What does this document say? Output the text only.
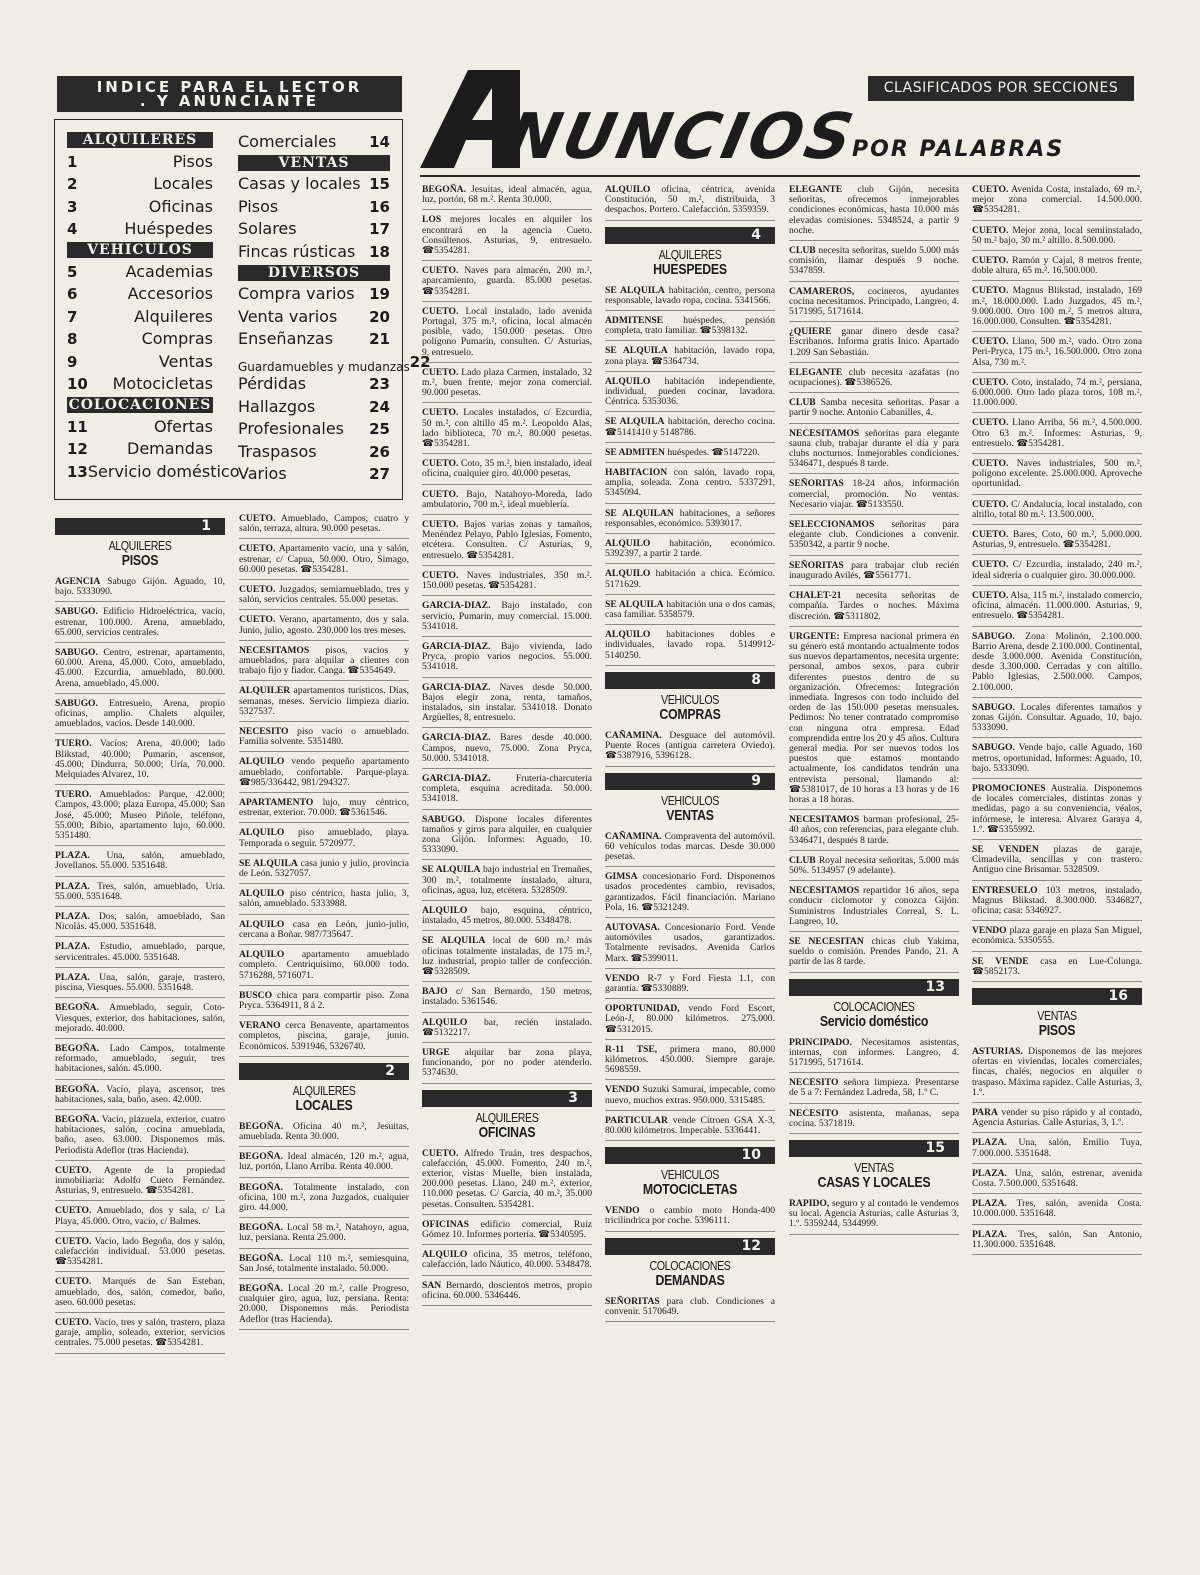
INDICE PARA EL LECTOR
. Y ANUNCIANTE
ALQUILERES
1	Pisos
2	Locales
3	Oficinas
4	Huéspedes
VEHICULOS
5	Academias
6	Accesorios
7	Alquileres
8	Compras
9	Ventas
10	Motocicletas
COLOCACIONES
11	Ofertas
12	Demandas
13 Servicio doméstico
Comerciales	14
VENTAS
Casas y locales 15
Pisos	16
Solares	17
Fincas rústicas 18
DIVERSOS
Compra varios 19
Venta varios	20
Enseñanzas	21
Guardamuebles y mudanzas 22
Pérdidas	23
Hallazgos	24
Profesionales	25
Traspasos	26
Varios	27
A
CLASIFICADOS POR SECCIONES
NUNCIOS
POR PALABRAS
1
ALQUILERES
PISOS
AGENCIA Sabugo Gijón. Aguado, 10, bajo. 5333090.
SABUGO. Edificio Hidroeléctrica, vacío, estrenar, 100.000. Arena, amueblado, 65.000, servicios centrales.
SABUGO. Centro, estrenar, apartamento, 60.000. Arena, 45.000. Coto, amueblado, 45.000. Ezcurdia, amueblado, 80.000. Arena, amueblado, 45.000.
SABUGO. Entresuelo, Arena, propio oficinas, amplio. Chalets alquiler, amueblados, vacíos. Desde 140.000.
TUERO. Vacíos: Arena, 40.000; lado Blikstad, 40.000; Pumarín, ascensor, 45.000; Dindurra, 50.000; Uría, 70.000. Melquiades Alvarez, 10.
TUERO. Amueblados: Parque, 42.000; Campos, 43.000; plaza Europa, 45.000; San José, 45.000; Museo Piñole, teléfono, 55.000; Bibio, apartamento lujo, 60.000. 5351480.
PLAZA. Una, salón, amueblado, Jovellanos. 55.000. 5351648.
PLAZA. Tres, salón, amueblado, Uría. 55.000. 5351648.
PLAZA. Dos, salón, amueblado, San Nicolás. 45.000. 5351648.
PLAZA. Estudio, amueblado, parque, servicentrales. 45.000. 5351648.
PLAZA. Una, salón, garaje, trastero, piscina, Viesques. 55.000. 5351648.
BEGOÑA. Amueblado, seguir, Coto-Viesques, exterior, dos habitaciones, salón, mejorado. 40.000.
BEGOÑA. Lado Campos, totalmente reformado, amueblado, seguir, tres habitaciones, salón. 45.000.
BEGOÑA. Vacío, playa, ascensor, tres habitaciones, sala, baño, aseo. 42.000.
BEGOÑA. Vacío, plazuela, exterior, cuatro habitaciones, salón, cocina amueblada, baño, aseo. 63.000. Disponemos más. Periodista Adeflor (tras Hacienda).
CUETO. Agente de la propiedad inmobiliaria: Adolfo Cueto Fernández. Asturias, 9, entresuelo. ☎5354281.
CUETO. Amueblado, dos y sala, c/ La Playa, 45.000. Otro, vacío, c/ Balmes.
CUETO. Vacío, lado Begoña, dos y salón, calefacción individual. 53.000 pesetas. ☎5354281.
CUETO. Marqués de San Esteban, amueblado, dos, salón, comedor, baño, aseo. 60.000 pesetas.
CUETO. Vacío, tres y salón, trastero, plaza garaje, amplio, soleado, exterior, servicios centrales. 75.000 pesetas. ☎5354281.
CUETO. Amueblado, Campos, cuatro y salón, terraza, altura. 90.000 pesetas.
CUETO. Apartamento vacío, una y salón, estrenar, c/ Capua, 50.000. Otro, Simago, 60.000 pesetas. ☎5354281.
CUETO. Juzgados, semiamueblado, tres y salón, servicios centrales. 55.000 pesetas.
CUETO. Verano, apartamento, dos y sala. Junio, julio, agosto. 230.000 los tres meses.
NECESITAMOS pisos, vacíos y amueblados, para alquilar a clientes con trabajo fijo y fiador. Canga. ☎5354649.
ALQUILER apartamentos turísticos. Días, semanas, meses. Servicio limpieza diario. 5327537.
NECESITO piso vacío o amueblado. Familia solvente. 5351480.
ALQUILO vendo pequeño apartamento amueblado, confortable. Parque-playa. ☎985/336442, 981/294327.
APARTAMENTO lujo, muy céntrico, estrenar, exterior. 70.000. ☎5361546.
ALQUILO piso amueblado, playa. Temporada o seguir. 5720977.
SE ALQUILA casa junio y julio, provincia de León. 5327057.
ALQUILO piso céntrico, hasta julio, 3, salón, amueblado. 5333988.
ALQUILO casa en León, junio-julio, cercana a Boñar. 987/735647.
ALQUILO apartamento amueblado completo. Centriquísimo, 60.000 todo. 5716288, 5716071.
BUSCO chica para compartir piso. Zona Pryca. 5364911, 8 á 2.
VERANO cerca Benavente, apartamentos completos, piscina, garaje, junio. Económicos. 5391946, 5326740.
2
ALQUILERES
LOCALES
BEGOÑA. Oficina 40 m.², Jesuitas, amueblada. Renta 30.000.
BEGOÑA. Ideal almacén, 120 m.², agua, luz, portón, Llano Arriba. Renta 40.000.
BEGOÑA. Totalmente instalado, con oficina, 100 m.², zona Juzgados, cualquier giro. 44.000.
BEGOÑA. Local 58 m.², Natahoyo, agua, luz, persiana. Renta 25.000.
BEGOÑA. Local 110 m.², semiesquina, San José, totalmente instalado. 50.000.
BEGOÑA. Local 20 m.², calle Progreso, cualquier giro, agua, luz, persiana. Renta: 20.000. Disponemos más. Periodista Adeflor (tras Hacienda).
BEGOÑA. Jesuitas, ideal almacén, agua, luz, portón, 68 m.². Renta 30.000.
LOS mejores locales en alquiler los encontrará en la agencia Cueto. Consúltenos. Asturias, 9, entresuelo. ☎5354281.
CUETO. Naves para almacén, 200 m.², aparcamiento, guarda. 85.000 pesetas. ☎5354281.
CUETO. Local instalado, lado avenida Portugal, 375 m.², oficina, local almacén posible, vado, 150.000 pesetas. Otro polígono Pumarín, consulten. C/ Asturias, 9, entresuelo.
CUETO. Lado plaza Carmen, instalado, 32 m.², buen frente, mejor zona comercial. 90.000 pesetas.
CUETO. Locales instalados, c/ Ezcurdia, 50 m.², con altillo 45 m.². Leopoldo Alas, lado biblioteca, 70 m.². 80.000 pesetas. ☎5354281.
CUETO. Coto, 35 m.², bien instalado, ideal oficina, cualquier giro. 40.000 pesetas.
CUETO. Bajo, Natahoyo-Moreda, lado ambulatorio, 700 m.², ideal mueblería.
CUETO. Bajos varias zonas y tamaños, Menéndez Pelayo, Pablo Iglesias, Fomento, etcétera. Consulten. C/ Asturias, 9, entresuelo. ☎5354281.
CUETO. Naves industriales, 350 m.². 150.000 pesetas. ☎5354281.
GARCIA-DIAZ. Bajo instalado, con servicio, Pumarín, muy comercial. 15.000. 5341018.
GARCIA-DIAZ. Bajo vivienda, lado Pryca, propio varios negocios. 55.000. 5341018.
GARCIA-DIAZ. Naves desde 50.000. Bajos elegir zona, renta, tamaños, instalados, sin instalar. 5341018. Donato Argüelles, 8, entresuelo.
GARCIA-DIAZ. Bares desde 40.000. Campos, nuevo, 75.000. Zona Pryca, 50.000. 5341018.
GARCIA-DIAZ. Frutería-charcutería completa, esquina acreditada. 50.000. 5341018.
SABUGO. Dispone locales diferentes tamaños y giros para alquiler, en cualquier zona Gijón. Informes: Aguado, 10. 5333090.
SE ALQUILA bajo industrial en Tremañes, 300 m.², totalmente instalado, altura, oficinas, agua, luz, etcétera. 5328509.
ALQUILO bajo, esquina, céntrico, instalado, 45 metros, 80.000. 5348478.
SE ALQUILA local de 600 m.² más oficinas totalmente instaladas, de 175 m.², luz industrial, propio taller de confección. ☎5328509.
BAJO c/ San Bernardo, 150 metros, instalado. 5361546.
ALQUILO bar, recién instalado. ☎5132217.
URGE alquilar bar zona playa, funcionando, por no poder atenderlo. 5374630.
3
ALQUILERES
OFICINAS
CUETO. Alfredo Truán, tres despachos, calefacción, 45.000. Fomento, 240 m.², exterior, vistas Muelle, bien instalada, 200.000 pesetas. Llano, 240 m.², exterior, 110.000 pesetas. C/ García, 40 m.², 35.000 pesetas. Consulten. 5354281.
OFICINAS edificio comercial, Ruiz Gómez 10. Informes portería. ☎5340595.
ALQUILO oficina, 35 metros, teléfono, calefacción, lado Náutico, 40.000. 5348478.
SAN Bernardo, doscientos metros, propio oficina. 60.000. 5346446.
ALQUILO oficina, céntrica, avenida Constitución, 50 m.², distribuida, 3 despachos. Portero. Calefacción. 5359359.
4
ALQUILERES
HUESPEDES
SE ALQUILA habitación, centro, persona responsable, lavado ropa, cocina. 5341566.
ADMITENSE huéspedes, pensión completa, trato familiar. ☎5398132.
SE ALQUILA habitación, lavado ropa, zona playa. ☎5364734.
ALQUILO habitación independiente, individual, pueden cocinar, lavadora. Céntrica. 5353036.
SE ALQUILA habitación, derecho cocina. ☎5141410 y 5148786.
SE ADMITEN huéspedes. ☎5147220.
HABITACION con salón, lavado ropa, amplia, soleada. Zona centro. 5337291, 5345094.
SE ALQUILAN habitaciones, a señores responsables, económico. 5393017.
ALQUILO habitación, económico. 5392397, a partir 2 tarde.
ALQUILO habitación a chica. Ecómico. 5171629.
SE ALQUILA habitación una o dos camas, casa familiar. 5358579.
ALQUILO habitaciones dobles e individuales, lavado ropa. 5149912-5140250.
8
VEHICULOS
COMPRAS
CAÑAMINA. Desguace del automóvil. Puente Roces (antigua carretera Oviedo). ☎5387916, 5396128.
9
VEHICULOS
VENTAS
CAÑAMINA. Compraventa del automóvil. 60 vehículos todas marcas. Desde 30.000 pesetas.
GIMSA concesionario Ford. Disponemos usados procedentes cambio, revisados, garantizados. Fácil financiación. Mariano Pola, 16. ☎5321249.
AUTOVASA. Concesionario Ford. Vende automóviles usados, garantizados. Totalmente revisados. Avenida Carlos Marx. ☎5399011.
VENDO R-7 y Ford Fiesta 1.1, con garantía. ☎5330889.
OPORTUNIDAD, vendo Ford Escort, León-J, 80.000 kilómetros. 275.000. ☎5312015.
R-11 TSE, primera mano, 80.000 kilómetros. 450.000. Siempre garaje. 5698559.
VENDO Suzuki Samurai, impecable, como nuevo, muchos extras. 950.000. 5315485.
PARTICULAR vende Citroen GSA X-3, 80.000 kilómetros. Impecable. 5336441.
10
VEHICULOS
MOTOCICLETAS
VENDO o cambio moto Honda-400 tricilíndrica por coche. 5396111.
12
COLOCACIONES
DEMANDAS
SEÑORITAS para club. Condiciones a convenir. 5170649.
ELEGANTE club Gijón, necesita señoritas, ofrecemos inmejorables condiciones económicas, hasta 10.000 más elevadas comisiones. 5348524, a partir 9 noche.
CLUB necesita señoritas, sueldo 5.000 más comisión, llamar después 9 noche. 5347859.
CAMAREROS, cocineros, ayudantes cocina necesitamos. Principado, Langreo, 4. 5171995, 5171614.
¿QUIERE ganar dinero desde casa? Escribanos. Informa gratis Inico. Apartado 1.209 San Sebastián.
ELEGANTE club necesita azafatas (no ocupaciones). ☎5386526.
CLUB Samba necesita señoritas. Pasar a partir 9 noche. Antonio Cabanilles, 4.
NECESITAMOS señoritas para elegante sauna club, trabajar durante el día y para clubs nocturnos. Inmejorables condiciones. 5346471, después 8 tarde.
SEÑORITAS 18-24 años, información comercial, promoción. No ventas. Necesario viajar. ☎5133550.
SELECCIONAMOS señoritas para elegante club. Condiciones a convenir. 5350342, a partir 9 noche.
SEÑORITAS para trabajar club recién inaugurado Avilés, ☎5561771.
CHALET-21 necesita señoritas de compañía. Tardes o noches. Máxima discreción. ☎5311802.
URGENTE: Empresa nacional primera en su género está montando actualmente todos sus nuevos departamentos, necesita urgente: personal, ambos sexos, para cubrir diferentes puestos dentro de su organización. Ofrecemos: Integración inmediata. Ingresos con todo incluido del orden de las 150.000 pesetas mensuales. Pedimos: No tener contratado compromiso con ninguna otra empresa. Edad comprendida entre los 20 y 45 años. Cultura general media. Por ser nuevos todos los puestos que estamos montando actualmente, los candidatos tendrán una entrevista personal, llamando al: ☎5381017, de 10 horas a 13 horas y de 16 horas a 18 horas.
NECESITAMOS barman profesional, 25-40 años, con referencias, para elegante club. 5346471, después 8 tarde.
CLUB Royal necesita señoritas, 5.000 más 50%. 5134957 (9 adelante).
NECESITAMOS repartidor 16 años, sepa conducir ciclomotor y conozca Gijón. Suministros Industriales Correal, S. L. Langreo, 10.
SE NECESITAN chicas club Yakima, sueldo o comisión. Prendes Pando, 21. A partir de las 8 tarde.
13
COLOCACIONES
Servicio doméstico
PRINCIPADO. Necesitamos asistentas, internas, con informes. Langreo, 4. 5171995, 5171614.
NECESITO señora limpieza. Presentarse de 5 a 7: Fernández Ladreda, 58, 1.º C.
NECESITO asistenta, mañanas, sepa cocina. 5371819.
15
VENTAS
CASAS Y LOCALES
RAPIDO, seguro y al contado le vendemos su local. Agencia Asturias, calle Asturias 3, 1.º. 5359244, 5344999.
CUETO. Avenida Costa, instalado, 69 m.², mejor zona comercial. 14.500.000. ☎5354281.
CUETO. Mejor zona, local semiinstalado, 50 m.² bajo, 30 m.² altillo. 8.500.000.
CUETO. Ramón y Cajal, 8 metros frente, doble altura, 65 m.². 16.500.000.
CUETO. Magnus Blikstad, instalado, 169 m.², 18.000.000. Lado Juzgados, 45 m.², 9.000.000. Otro 100 m.², 5 metros altura, 16.000.000. Consulten. ☎5354281.
CUETO. Llano, 500 m.², vado. Otro zona Peri-Pryca, 175 m.², 16.500.000. Otro zona Alsa, 730 m.².
CUETO. Coto, instalado, 74 m.², persiana, 6.000.000. Otro lado plaza toros, 108 m.², 11.000.000.
CUETO. Llano Arriba, 56 m.², 4.500.000. Otro 63 m.². Informes: Asturias, 9, entresuelo. ☎5354281.
CUETO. Naves industriales, 500 m.², polígono excelente. 25.000.000. Aproveche oportunidad.
CUETO. C/ Andalucía, local instalado, con altillo, total 80 m.². 13.500.000.
CUETO. Bares, Coto, 60 m.², 5.000.000. Asturias, 9, entresuelo. ☎5354281.
CUETO. C/ Ezcurdia, instalado, 240 m.², ideal sidrería o cualquier giro. 30.000.000.
CUETO. Alsa, 115 m.², instalado comercio, oficina, almacén. 11.000.000. Asturias, 9, entresuelo. ☎5354281.
SABUGO. Zona Molinón, 2.100.000. Barrio Arena, desde 2.100.000. Continental, desde 3.000.000. Avenida Constitución, desde 3.300.000. Cerradas y con altillo. Pablo Iglesias, 2.500.000. Campos, 2.100.000.
SABUGO. Locales diferentes tamaños y zonas Gijón. Consultar. Aguado, 10, bajo. 5333090.
SABUGO. Vende bajo, calle Aguado, 160 metros, oportunidad. Informes: Aguado, 10, bajo. 5333090.
PROMOCIONES Australia. Disponemos de locales comerciales, distintas zonas y medidas, pago a su conveniencia, véalos, infórmese, le interesa. Alvarez Garaya 4, 1.º. ☎5355992.
SE VENDEN plazas de garaje, Cimadevilla, sencillas y con trastero. Antiguo cine Brisamar. 5328509.
ENTRESUELO 103 metros, instalado, Magnus Blikstad. 8.300.000. 5346827, oficina; casa: 5346927.
VENDO plaza garaje en plaza San Miguel, económica. 5350555.
SE VENDE casa en Lue-Colunga. ☎5852173.
16
VENTAS
PISOS
ASTURIAS. Disponemos de las mejores ofertas en viviendas, locales comerciales, fincas, chalés, negocios en alquiler o traspaso. Máxima rapidez. Calle Asturias, 3, 1.º.
PARA vender su piso rápido y al contado, Agencia Asturias. Calle Asturias, 3, 1.º.
PLAZA. Una, salón, Emilio Tuya, 7.000.000. 5351648.
PLAZA. Una, salón, estrenar, avenida Costa. 7.500.000. 5351648.
PLAZA. Tres, salón, avenida Costa. 10.000.000. 5351648.
PLAZA. Tres, salón, San Antonio, 11.300.000. 5351648.
